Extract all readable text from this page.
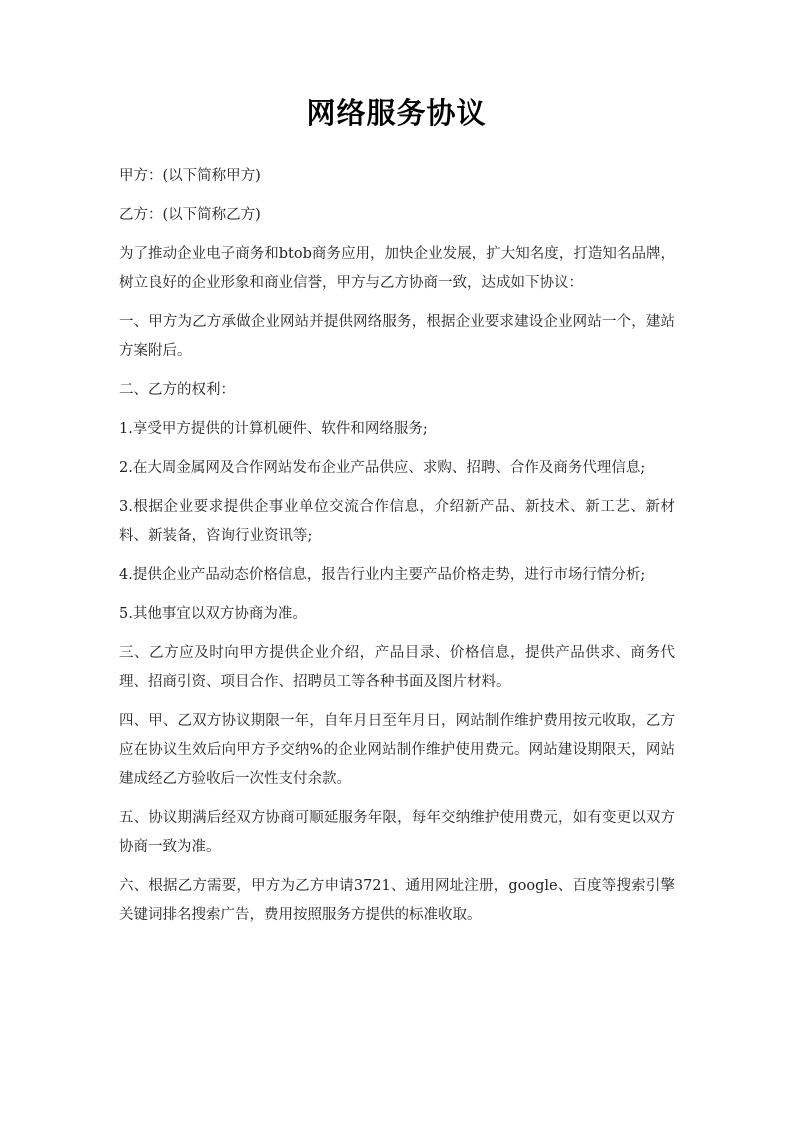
网络服务协议

甲方：(以下简称甲方)

乙方：(以下简称乙方)

为了推动企业电子商务和btob商务应用，加快企业发展，扩大知名度，打造知名品牌，树立良好的企业形象和商业信誉，甲方与乙方协商一致，达成如下协议：

一、甲方为乙方承做企业网站并提供网络服务，根据企业要求建设企业网站一个，建站方案附后。

二、乙方的权利：

1.享受甲方提供的计算机硬件、软件和网络服务;

2.在大周金属网及合作网站发布企业产品供应、求购、招聘、合作及商务代理信息;

3.根据企业要求提供企事业单位交流合作信息，介绍新产品、新技术、新工艺、新材料、新装备，咨询行业资讯等;

4.提供企业产品动态价格信息，报告行业内主要产品价格走势，进行市场行情分析;

5.其他事宜以双方协商为准。

三、乙方应及时向甲方提供企业介绍，产品目录、价格信息，提供产品供求、商务代理、招商引资、项目合作、招聘员工等各种书面及图片材料。

四、甲、乙双方协议期限一年，自年月日至年月日，网站制作维护费用按元收取，乙方应在协议生效后向甲方予交纳%的企业网站制作维护使用费元。网站建设期限天，网站建成经乙方验收后一次性支付余款。

五、协议期满后经双方协商可顺延服务年限，每年交纳维护使用费元，如有变更以双方协商一致为准。

六、根据乙方需要，甲方为乙方申请3721、通用网址注册，google、百度等搜索引擎关键词排名搜索广告，费用按照服务方提供的标准收取。
